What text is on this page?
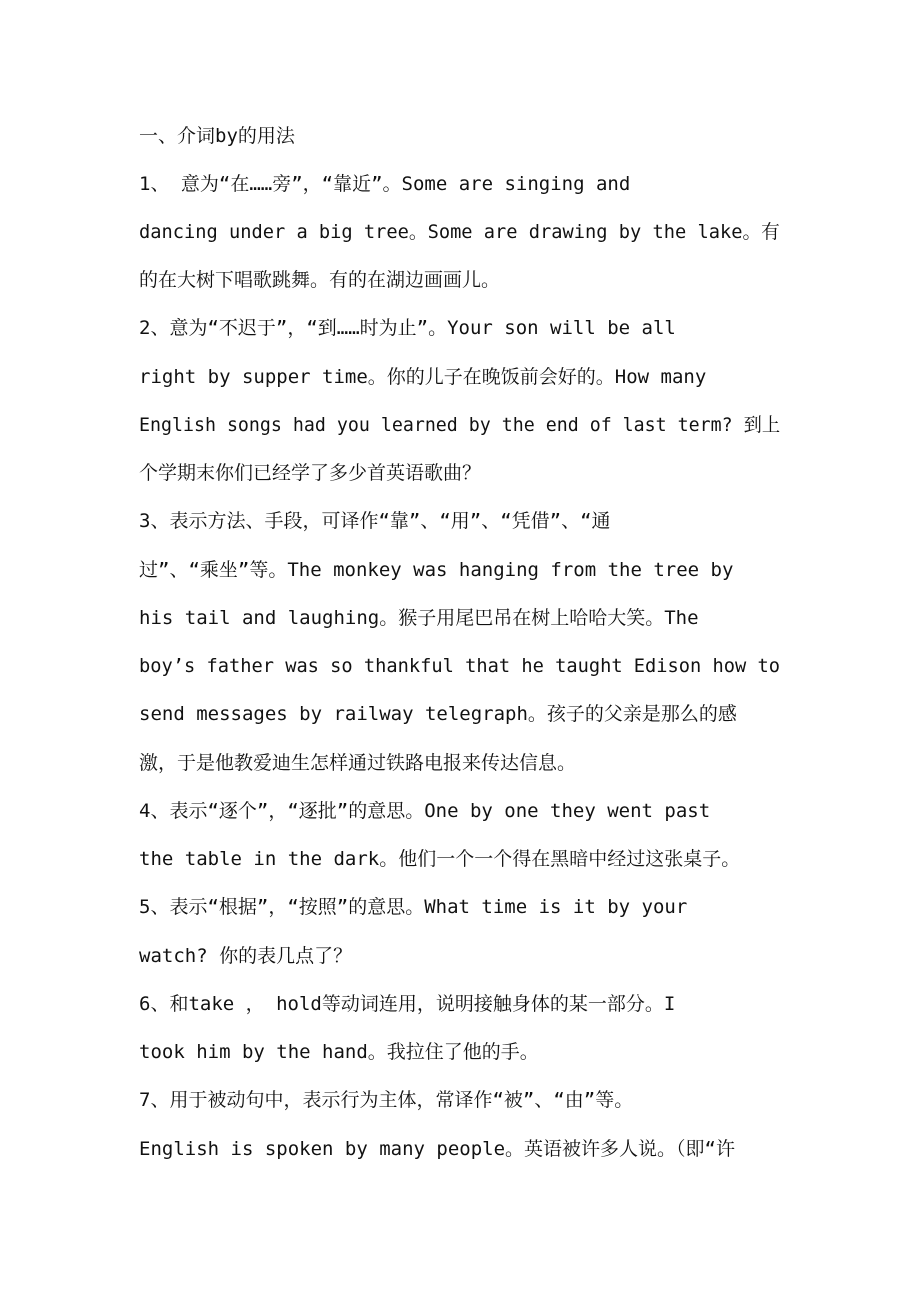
一、介词by的用法
1、 意为“在……旁”，“靠近”。Some are singing and
dancing under a big tree。Some are drawing by the lake。有
的在大树下唱歌跳舞。有的在湖边画画儿。
2、意为“不迟于”，“到……时为止”。Your son will be all
right by supper time。你的儿子在晚饭前会好的。How many
English songs had you learned by the end of last term? 到上
个学期末你们已经学了多少首英语歌曲？
3、表示方法、手段，可译作“靠”、“用”、“凭借”、“通
过”、“乘坐”等。The monkey was hanging from the tree by
his tail and laughing。猴子用尾巴吊在树上哈哈大笑。The
boy’s father was so thankful that he taught Edison how to
send messages by railway telegraph。孩子的父亲是那么的感
激，于是他教爱迪生怎样通过铁路电报来传达信息。
4、表示“逐个”，“逐批”的意思。One by one they went past
the table in the dark。他们一个一个得在黑暗中经过这张桌子。
5、表示“根据”，“按照”的意思。What time is it by your
watch? 你的表几点了？
6、和take ， hold等动词连用，说明接触身体的某一部分。I
took him by the hand。我拉住了他的手。
7、用于被动句中，表示行为主体，常译作“被”、“由”等。
English is spoken by many people。英语被许多人说。（即“许
